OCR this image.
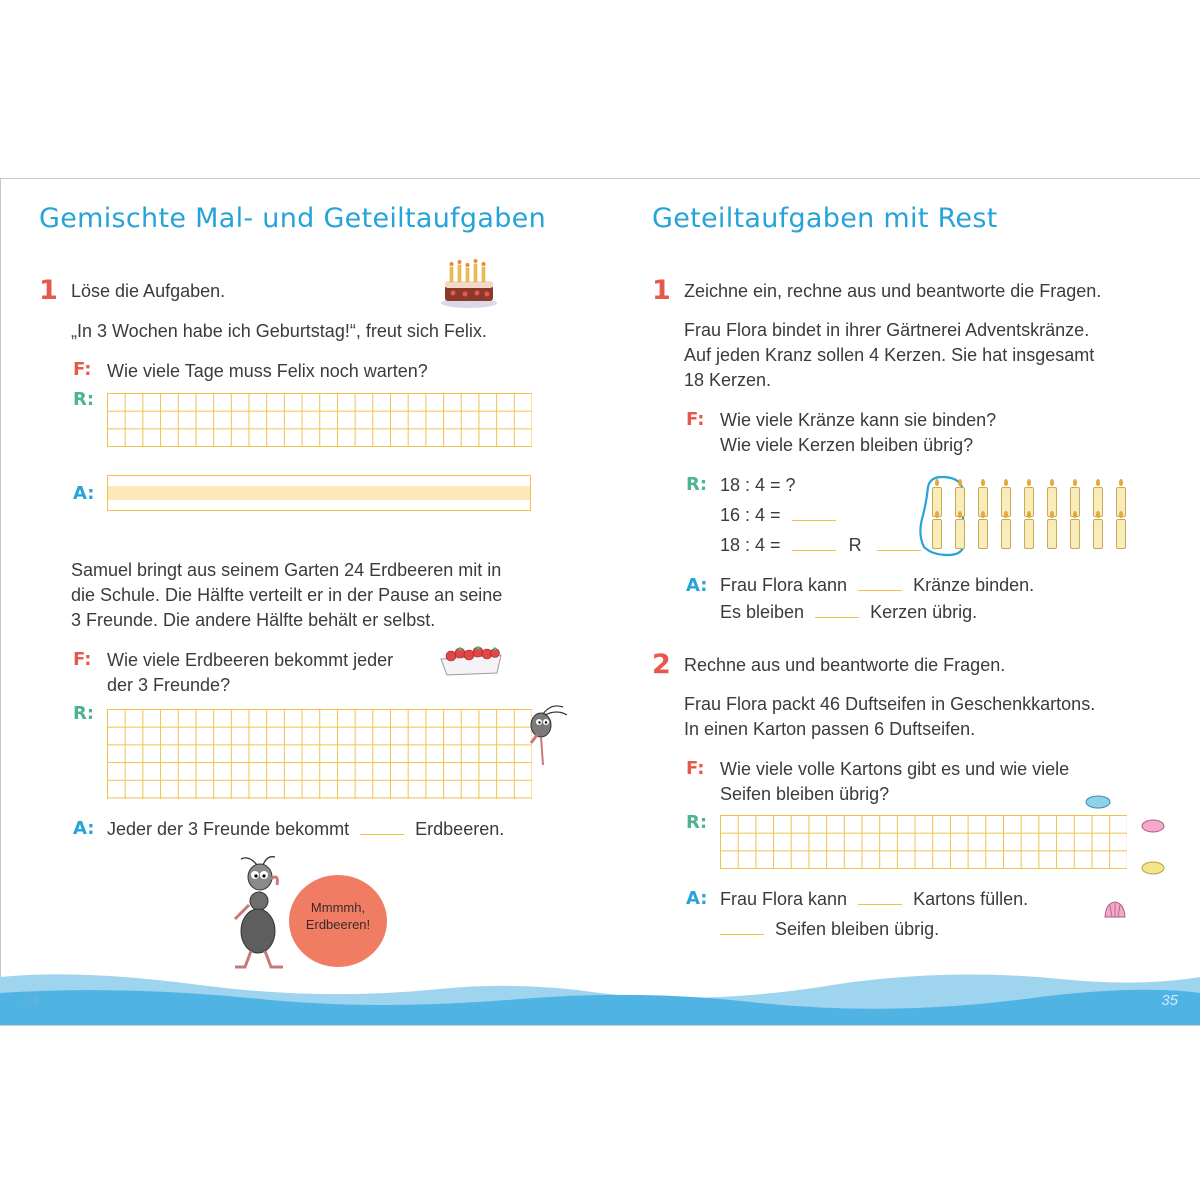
Gemischte Mal- und Geteiltaufgaben
1 Löse die Aufgaben.
„In 3 Wochen habe ich Geburtstag!“, freut sich Felix.
F: Wie viele Tage muss Felix noch warten?
R:
A:
Samuel bringt aus seinem Garten 24 Erdbeeren mit in
die Schule. Die Hälfte verteilt er in der Pause an seine
3 Freunde. Die andere Hälfte behält er selbst.
F: Wie viele Erdbeeren bekommt jeder
der 3 Freunde?
R:
A: Jeder der 3 Freunde bekommt	Erdbeeren.
Mmmmh,
Erdbeeren!
Geteiltaufgaben mit Rest
1 Zeichne ein, rechne aus und beantworte die Fragen.
Frau Flora bindet in ihrer Gärtnerei Adventskränze.
Auf jeden Kranz sollen 4 Kerzen. Sie hat insgesamt
18 Kerzen.
F: Wie viele Kränze kann sie binden?
Wie viele Kerzen bleiben übrig?
R: 18 : 4 = ?
16 : 4 =
18 : 4 =	R
A: Frau Flora kann	Kränze binden.
Es bleiben	Kerzen übrig.
2 Rechne aus und beantworte die Fragen.
Frau Flora packt 46 Duftseifen in Geschenkkartons.
In einen Karton passen 6 Duftseifen.
F: Wie viele volle Kartons gibt es und wie viele
Seifen bleiben übrig?
R:
A: Frau Flora kann	Kartons füllen.
Seifen bleiben übrig.
34	35
